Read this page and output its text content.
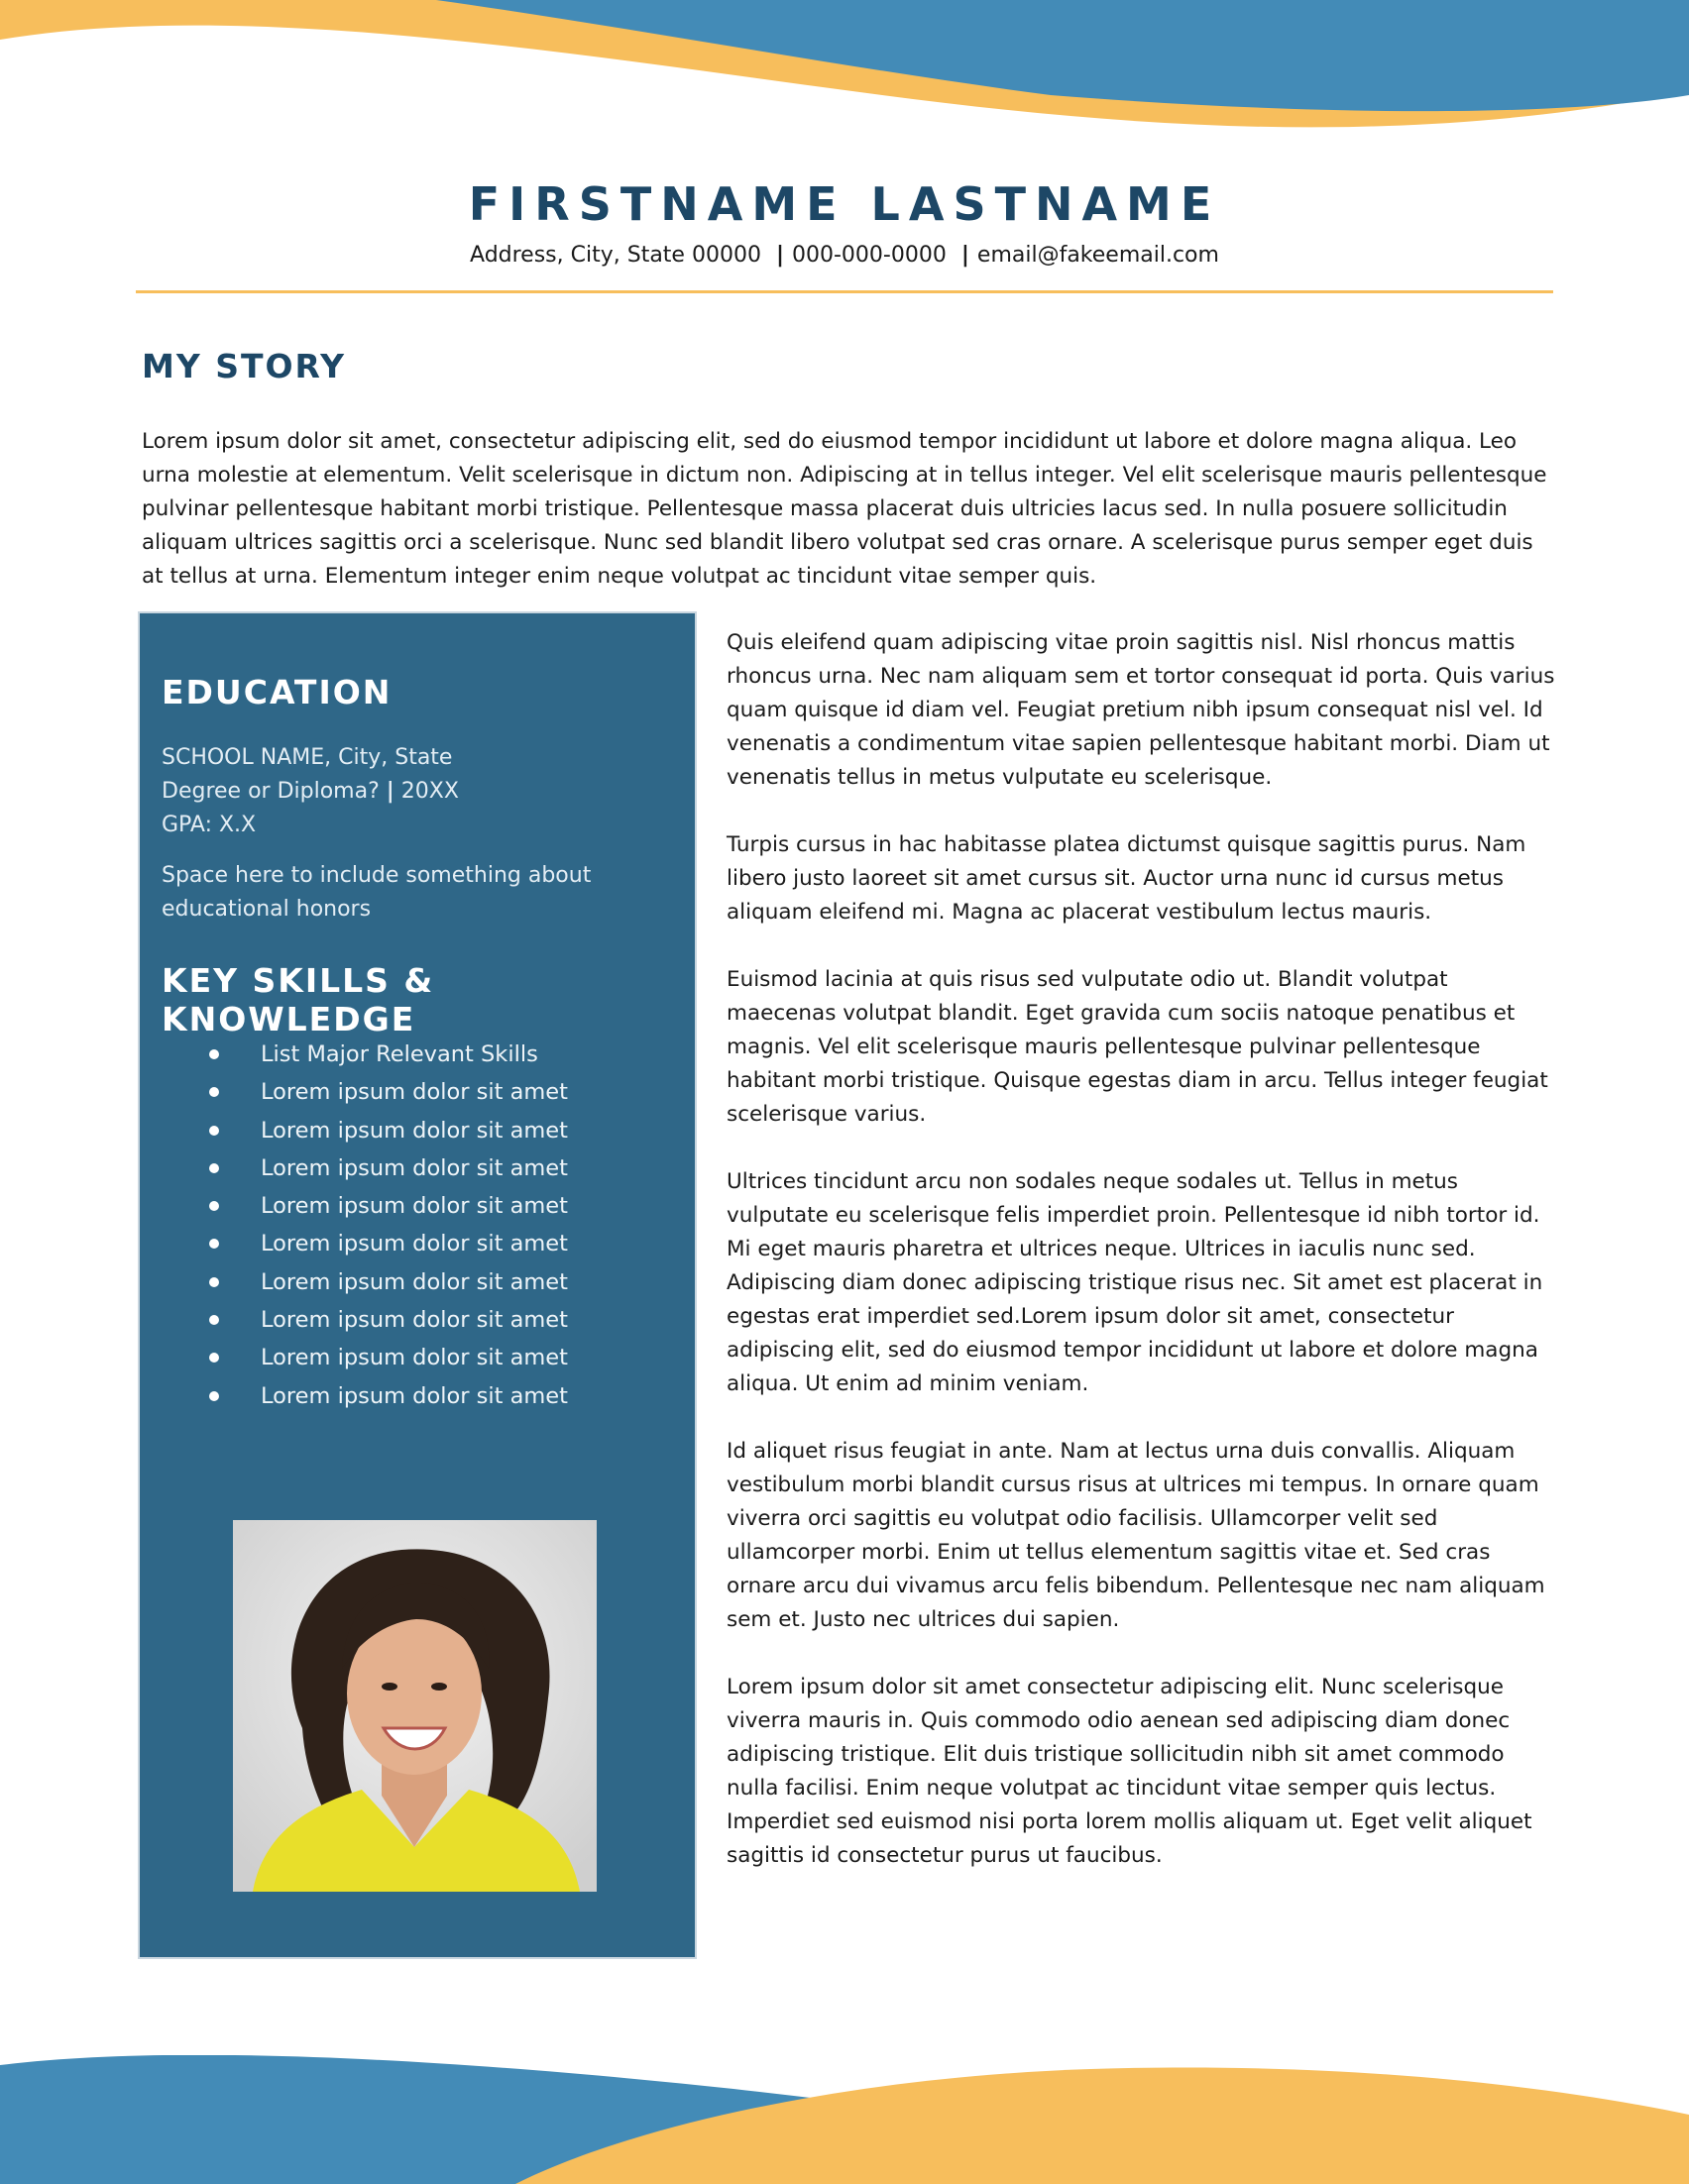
FIRSTNAME LASTNAME
Address, City, State 00000 | 000-000-0000 | email@fakeemail.com
MY STORY

Lorem ipsum dolor sit amet, consectetur adipiscing elit, sed do eiusmod tempor incididunt ut labore et dolore magna aliqua. Leo urna molestie at elementum. Velit scelerisque in dictum non. Adipiscing at in tellus integer. Vel elit scelerisque mauris pellentesque pulvinar pellentesque habitant morbi tristique. Pellentesque massa placerat duis ultricies lacus sed. In nulla posuere sollicitudin aliquam ultrices sagittis orci a scelerisque. Nunc sed blandit libero volutpat sed cras ornare. A scelerisque purus semper eget duis at tellus at urna. Elementum integer enim neque volutpat ac tincidunt vitae semper quis.

EDUCATION
SCHOOL NAME, City, State
Degree or Diploma? | 20XX
GPA: X.X
Space here to include something about educational honors
KEY SKILLS & KNOWLEDGE
List Major Relevant Skills
Lorem ipsum dolor sit amet
Lorem ipsum dolor sit amet
Lorem ipsum dolor sit amet
Lorem ipsum dolor sit amet
Lorem ipsum dolor sit amet
Lorem ipsum dolor sit amet
Lorem ipsum dolor sit amet
Lorem ipsum dolor sit amet
Lorem ipsum dolor sit amet

Quis eleifend quam adipiscing vitae proin sagittis nisl. Nisl rhoncus mattis rhoncus urna. Nec nam aliquam sem et tortor consequat id porta. Quis varius quam quisque id diam vel. Feugiat pretium nibh ipsum consequat nisl vel. Id venenatis a condimentum vitae sapien pellentesque habitant morbi. Diam ut venenatis tellus in metus vulputate eu scelerisque.

Turpis cursus in hac habitasse platea dictumst quisque sagittis purus. Nam libero justo laoreet sit amet cursus sit. Auctor urna nunc id cursus metus aliquam eleifend mi. Magna ac placerat vestibulum lectus mauris.

Euismod lacinia at quis risus sed vulputate odio ut. Blandit volutpat maecenas volutpat blandit. Eget gravida cum sociis natoque penatibus et magnis. Vel elit scelerisque mauris pellentesque pulvinar pellentesque habitant morbi tristique. Quisque egestas diam in arcu. Tellus integer feugiat scelerisque varius.

Ultrices tincidunt arcu non sodales neque sodales ut. Tellus in metus vulputate eu scelerisque felis imperdiet proin. Pellentesque id nibh tortor id. Mi eget mauris pharetra et ultrices neque. Ultrices in iaculis nunc sed. Adipiscing diam donec adipiscing tristique risus nec. Sit amet est placerat in egestas erat imperdiet sed.Lorem ipsum dolor sit amet, consectetur adipiscing elit, sed do eiusmod tempor incididunt ut labore et dolore magna aliqua. Ut enim ad minim veniam.

Id aliquet risus feugiat in ante. Nam at lectus urna duis convallis. Aliquam vestibulum morbi blandit cursus risus at ultrices mi tempus. In ornare quam viverra orci sagittis eu volutpat odio facilisis. Ullamcorper velit sed ullamcorper morbi. Enim ut tellus elementum sagittis vitae et. Sed cras ornare arcu dui vivamus arcu felis bibendum. Pellentesque nec nam aliquam sem et. Justo nec ultrices dui sapien.

Lorem ipsum dolor sit amet consectetur adipiscing elit. Nunc scelerisque viverra mauris in. Quis commodo odio aenean sed adipiscing diam donec adipiscing tristique. Elit duis tristique sollicitudin nibh sit amet commodo nulla facilisi. Enim neque volutpat ac tincidunt vitae semper quis lectus. Imperdiet sed euismod nisi porta lorem mollis aliquam ut. Eget velit aliquet sagittis id consectetur purus ut faucibus.
